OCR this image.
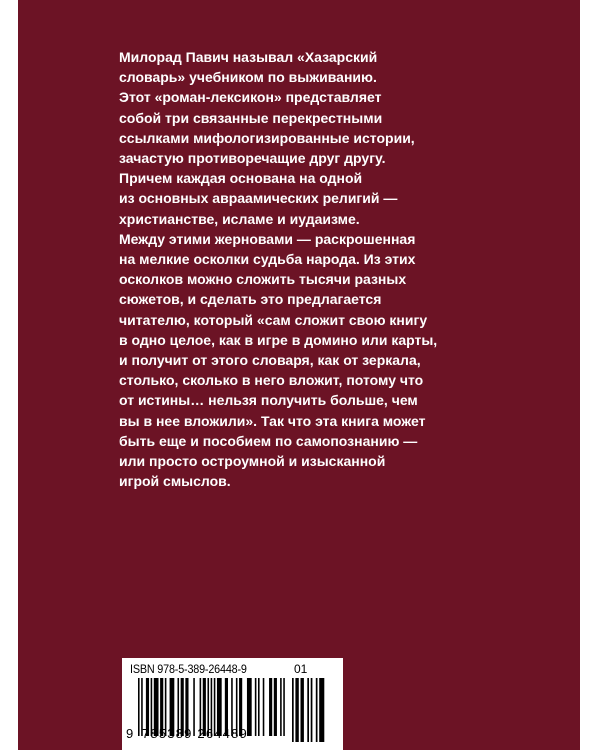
Милорад Павич называл «Хазарский

словарь» учебником по выживанию.

Этот «роман-лексикон» представляет

собой три связанные перекрестными

ссылками мифологизированные истории,

зачастую противоречащие друг другу.

Причем каждая основана на одной

из основных авраамических религий —

христианстве, исламе и иудаизме.

Между этими жерновами — раскрошенная

на мелкие осколки судьба народа. Из этих

осколков можно сложить тысячи разных

сюжетов, и сделать это предлагается

читателю, который «сам сложит свою книгу

в одно целое, как в игре в домино или карты,

и получит от этого словаря, как от зеркала,

столько, сколько в него вложит, потому что

от истины… нельзя получить больше, чем

вы в нее вложили». Так что эта книга может

быть еще и пособием по самопознанию —

или просто остроумной и изысканной

игрой смыслов.

ISBN 978-5-389-26448-9	01
9 785389 264489
